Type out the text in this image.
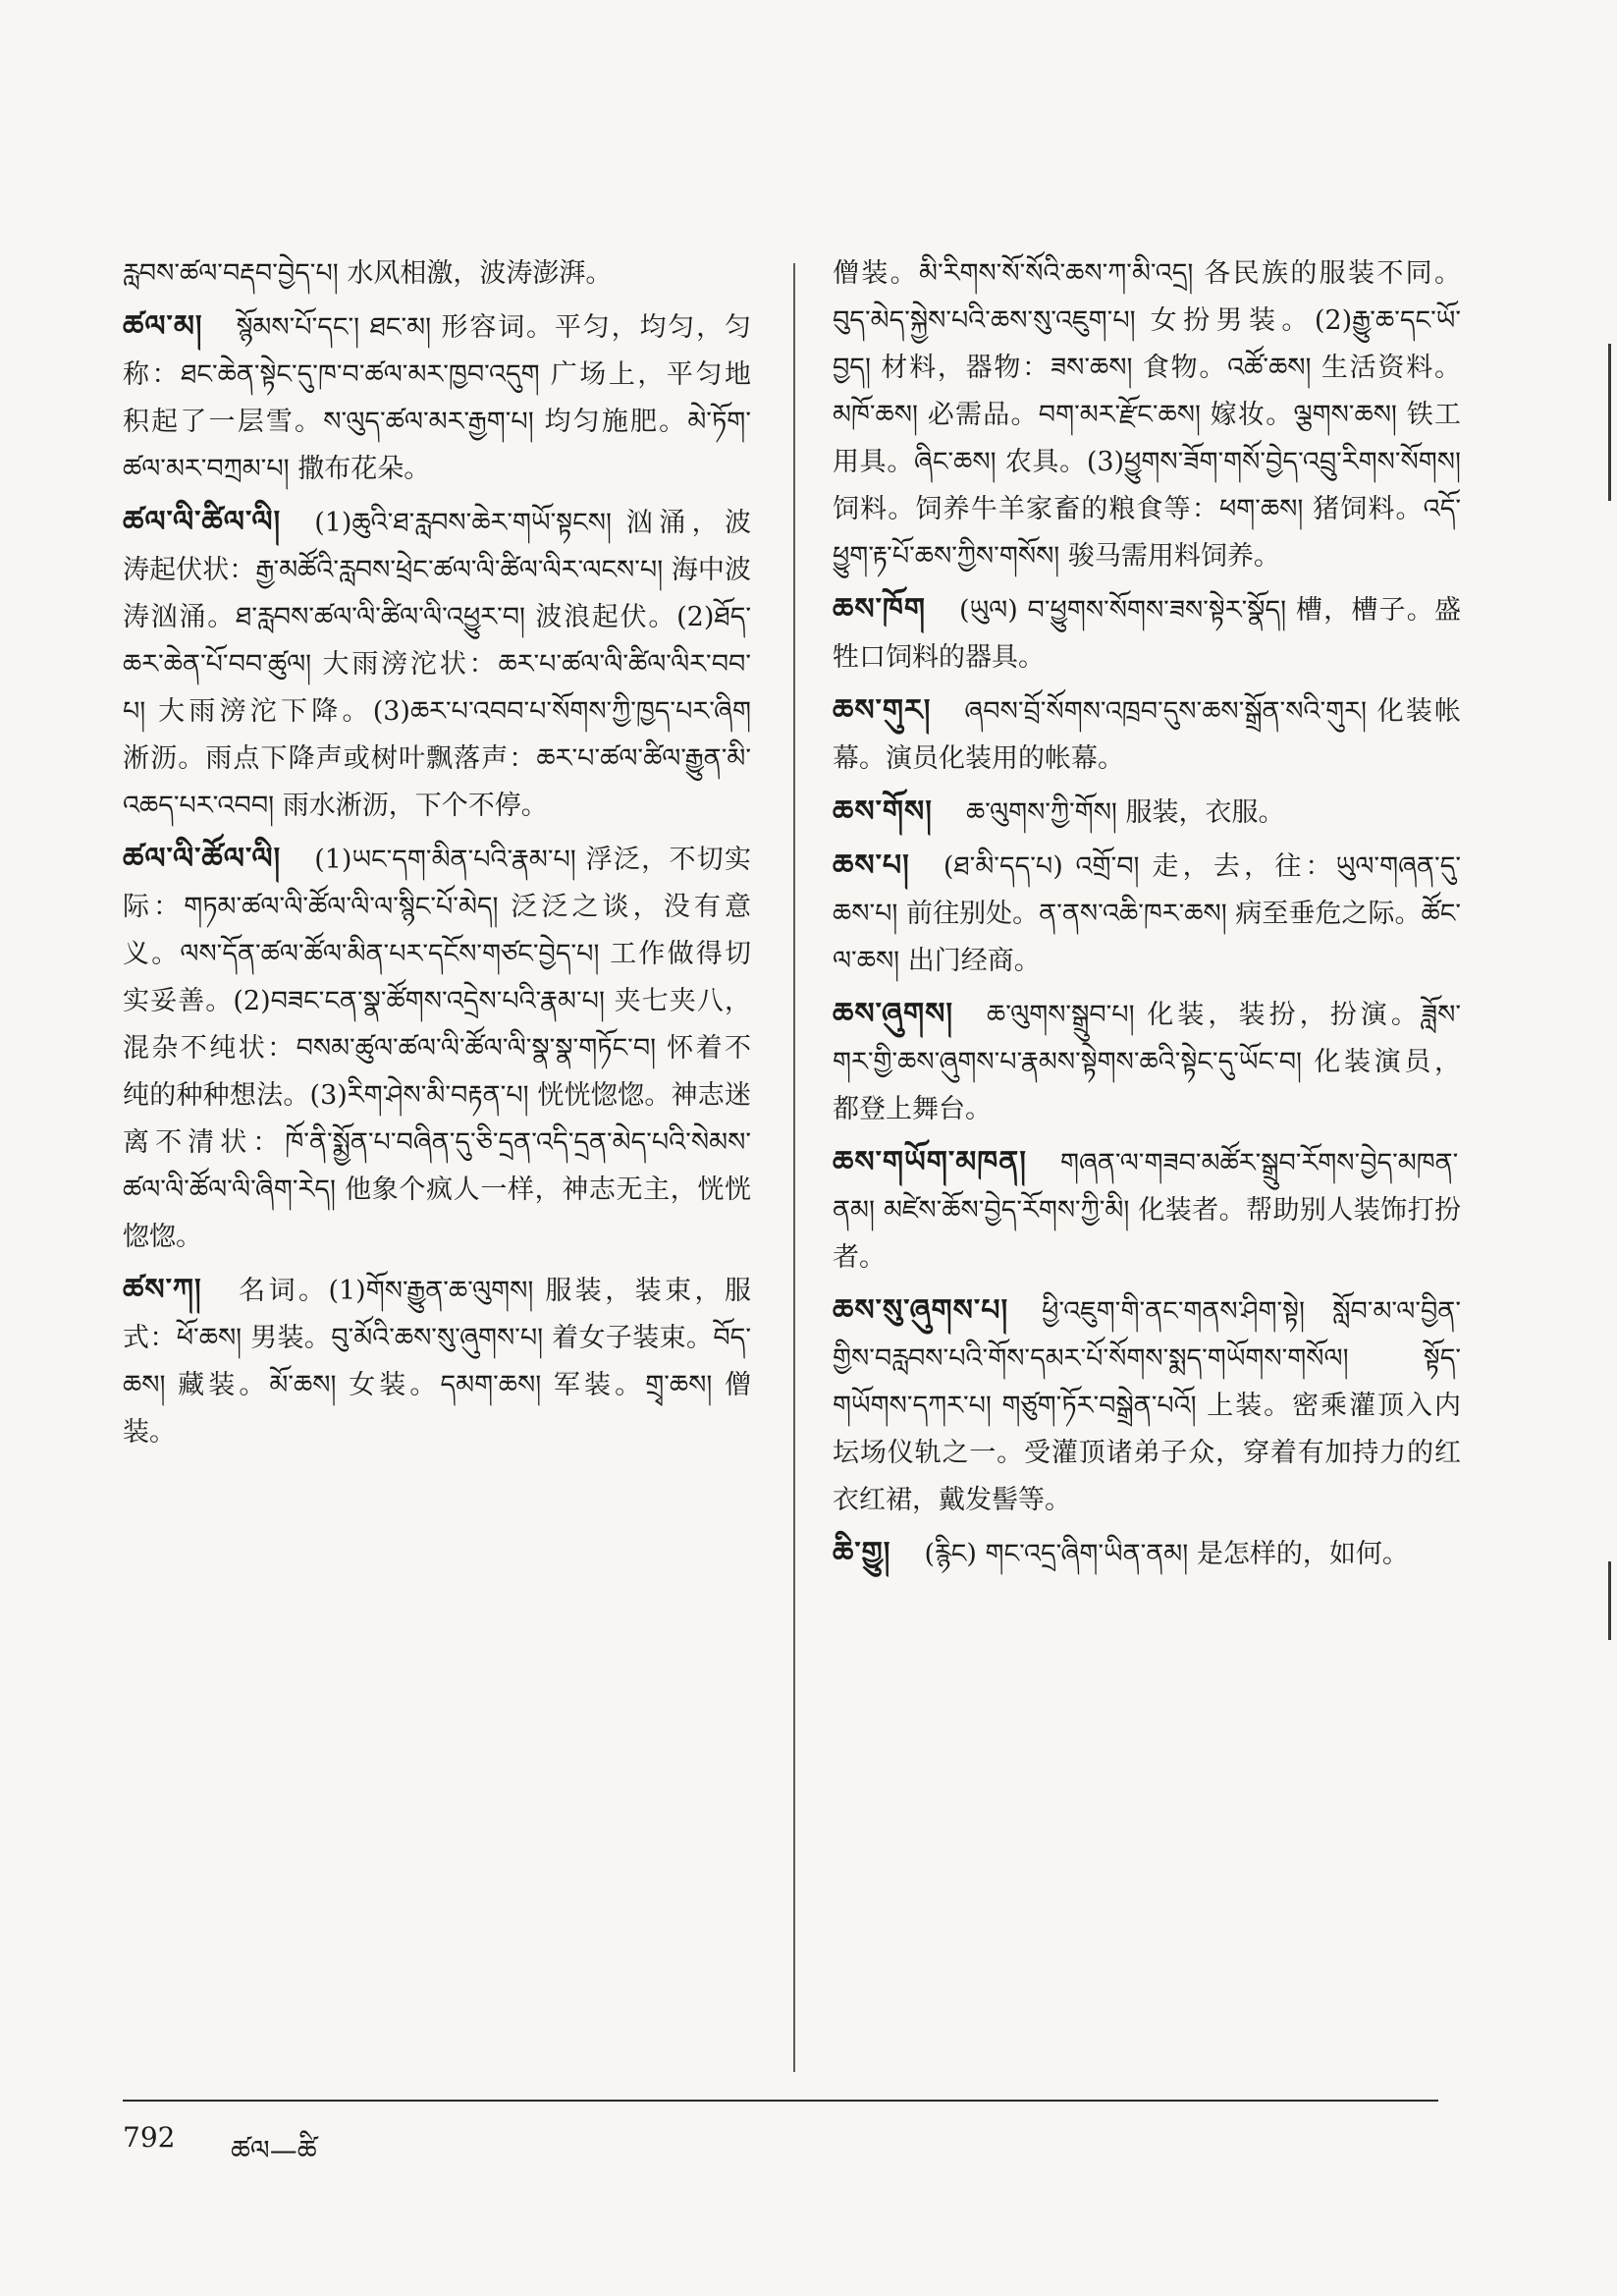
རླབས་ཚལ་བརྡབ་བྱེད་པ། 水风相激，波涛澎湃。
ཚལ་མ། སྙོམས་པོ་དང་། ཐང་མ། 形容词。平匀，均匀，匀称：ཐང་ཆེན་སྟེང་དུ་ཁ་བ་ཚལ་མར་ཁྱབ་འདུག 广场上，平匀地积起了一层雪。ས་ལུད་ཚལ་མར་རྒྱག་པ། 均匀施肥。མེ་ཏོག་ཚལ་མར་བཀྲམ་པ། 撒布花朵。
ཚལ་ལི་ཚིལ་ལི། (1)ཆུའི་ཐ་རླབས་ཆེར་གཡོ་སྟངས། 汹涌，波涛起伏状：རྒྱ་མཚོའི་རླབས་ཕྲེང་ཚལ་ལི་ཚིལ་ལིར་ལངས་པ། 海中波涛汹涌。ཐ་རླབས་ཚལ་ལི་ཚིལ་ལི་འཕྱུར་བ། 波浪起伏。(2)ཐོད་ཆར་ཆེན་པོ་བབ་ཚུལ། 大雨滂沱状：ཆར་པ་ཚལ་ལི་ཚིལ་ལིར་བབ་པ། 大雨滂沱下降。(3)ཆར་པ་འབབ་པ་སོགས་ཀྱི་ཁྱད་པར་ཞིག 淅沥。雨点下降声或树叶飘落声：ཆར་པ་ཚལ་ཚིལ་རྒྱུན་མི་འཆད་པར་འབབ། 雨水淅沥，下个不停。
ཚལ་ལི་ཚོལ་ལི། (1)ཡང་དག་མིན་པའི་རྣམ་པ། 浮泛，不切实际：གཏམ་ཚལ་ལི་ཚོལ་ལི་ལ་སྙིང་པོ་མེད། 泛泛之谈，没有意义。ལས་དོན་ཚལ་ཚོལ་མིན་པར་དངོས་གཙང་བྱེད་པ། 工作做得切实妥善。(2)བཟང་ངན་སྣ་ཚོགས་འདྲེས་པའི་རྣམ་པ། 夹七夹八，混杂不纯状：བསམ་ཚུལ་ཚལ་ལི་ཚོལ་ལི་སྣ་སྣ་གཏོང་བ། 怀着不纯的种种想法。(3)རིག་ཤེས་མི་བརྟན་པ། 恍恍惚惚。神志迷离不清状：ཁོ་ནི་སྨྱོན་པ་བཞིན་དུ་ཅི་དྲན་འདི་དྲན་མེད་པའི་སེམས་ཚལ་ལི་ཚོལ་ལི་ཞིག་རེད། 他象个疯人一样，神志无主，恍恍惚惚。
ཚས་ཀ། 名词。(1)གོས་རྒྱུན་ཆ་ལུགས། 服装，装束，服式：ཕོ་ཆས། 男装。བུ་མོའི་ཆས་སུ་ཞུགས་པ། 着女子装束。བོད་ཆས། 藏装。མོ་ཆས། 女装。དམག་ཆས། 军装。གྲྭ་ཆས། 僧装。
僧装。མི་རིགས་སོ་སོའི་ཆས་ཀ་མི་འདྲ། 各民族的服装不同。བུད་མེད་སྐྱེས་པའི་ཆས་སུ་འཇུག་པ། 女扮男装。(2)རྒྱུ་ཆ་དང་ཡོ་བྱད། 材料，器物：ཟས་ཆས། 食物。འཚོ་ཆས། 生活资料。མཁོ་ཆས། 必需品。བག་མར་རྫོང་ཆས། 嫁妆。ལྕགས་ཆས། 铁工用具。ཞིང་ཆས། 农具。(3)ཕྱུགས་ཟོག་གསོ་བྱེད་འབྲུ་རིགས་སོགས། 饲料。饲养牛羊家畜的粮食等：ཕག་ཆས། 猪饲料。འདོ་ཕྱུག་རྟ་པོ་ཆས་ཀྱིས་གསོས། 骏马需用料饲养。
ཆས་ཁོག (ཡུལ) བ་ཕྱུགས་སོགས་ཟས་སྟེར་སྣོད། 槽，槽子。盛牲口饲料的器具。
ཆས་གུར། ཞབས་བྲོ་སོགས་འཁྲབ་དུས་ཆས་སྒྲོན་སའི་གུར། 化装帐幕。演员化装用的帐幕。
ཆས་གོས། ཆ་ལུགས་ཀྱི་གོས། 服装，衣服。
ཆས་པ། (ཐ་མི་དད་པ) འགྲོ་བ། 走，去，往：ཡུལ་གཞན་དུ་ཆས་པ། 前往别处。ན་ནས་འཆི་ཁར་ཆས། 病至垂危之际。ཚོང་ལ་ཆས། 出门经商。
ཆས་ཞུགས། ཆ་ལུགས་སྒྲུབ་པ། 化装，装扮，扮演。ཟློས་གར་གྱི་ཆས་ཞུགས་པ་རྣམས་སྟེགས་ཆའི་སྟེང་དུ་ཡོང་བ། 化装演员，都登上舞台。
ཆས་གཡོག་མཁན། གཞན་ལ་གཟབ་མཚོར་སྒྲུབ་རོགས་བྱེད་མཁན་ནམ། མཛེས་ཆོས་བྱེད་རོགས་ཀྱི་མི། 化装者。帮助别人装饰打扮者。
ཆས་སུ་ཞུགས་པ། ཕྱི་འཇུག་གི་ནང་གནས་ཤིག་སྟེ། སློབ་མ་ལ་བྱིན་གྱིས་བརླབས་པའི་གོས་དམར་པོ་སོགས་སྨད་གཡོགས་གསོལ། སྟོད་གཡོགས་དཀར་པ། གཙུག་ཏོར་བསྒྲེན་པའོ། 上装。密乘灌顶入内坛场仪轨之一。受灌顶诸弟子众，穿着有加持力的红衣红裙，戴发髻等。
ཆི་གྱུ། (རྙིང) གང་འདྲ་ཞིག་ཡིན་ནམ། 是怎样的，如何。
792 ཚལ—ཚི
